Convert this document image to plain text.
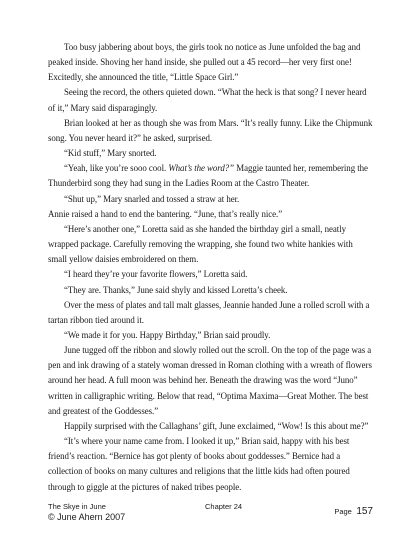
Too busy jabbering about boys, the girls took no notice as June unfolded the bag and peaked inside. Shoving her hand inside, she pulled out a 45 record—her very first one! Excitedly, she announced the title, “Little Space Girl.”

Seeing the record, the others quieted down. “What the heck is that song? I never heard of it,” Mary said disparagingly.

Brian looked at her as though she was from Mars. “It’s really funny. Like the Chipmunk song. You never heard it?” he asked, surprised.

“Kid stuff,” Mary snorted.

“Yeah, like you’re sooo cool. What’s the word?” Maggie taunted her, remembering the Thunderbird song they had sung in the Ladies Room at the Castro Theater.

“Shut up,” Mary snarled and tossed a straw at her.

Annie raised a hand to end the bantering. “June, that’s really nice.”

“Here’s another one,” Loretta said as she handed the birthday girl a small, neatly wrapped package. Carefully removing the wrapping, she found two white hankies with small yellow daisies embroidered on them.

“I heard they’re your favorite flowers,” Loretta said.

“They are. Thanks,” June said shyly and kissed Loretta’s cheek.

Over the mess of plates and tall malt glasses, Jeannie handed June a rolled scroll with a tartan ribbon tied around it.

“We made it for you. Happy Birthday,” Brian said proudly.

June tugged off the ribbon and slowly rolled out the scroll. On the top of the page was a pen and ink drawing of a stately woman dressed in Roman clothing with a wreath of flowers around her head. A full moon was behind her. Beneath the drawing was the word “Juno” written in calligraphic writing. Below that read, “Optima Maxima—Great Mother. The best and greatest of the Goddesses.”

Happily surprised with the Callaghans’ gift, June exclaimed, “Wow! Is this about me?”

“It’s where your name came from. I looked it up,” Brian said, happy with his best friend’s reaction. “Bernice has got plenty of books about goddesses.” Bernice had a collection of books on many cultures and religions that the little kids had often poured through to giggle at the pictures of naked tribes people.

The Skye in June
© June Ahern 2007
Chapter 24
Page 157
